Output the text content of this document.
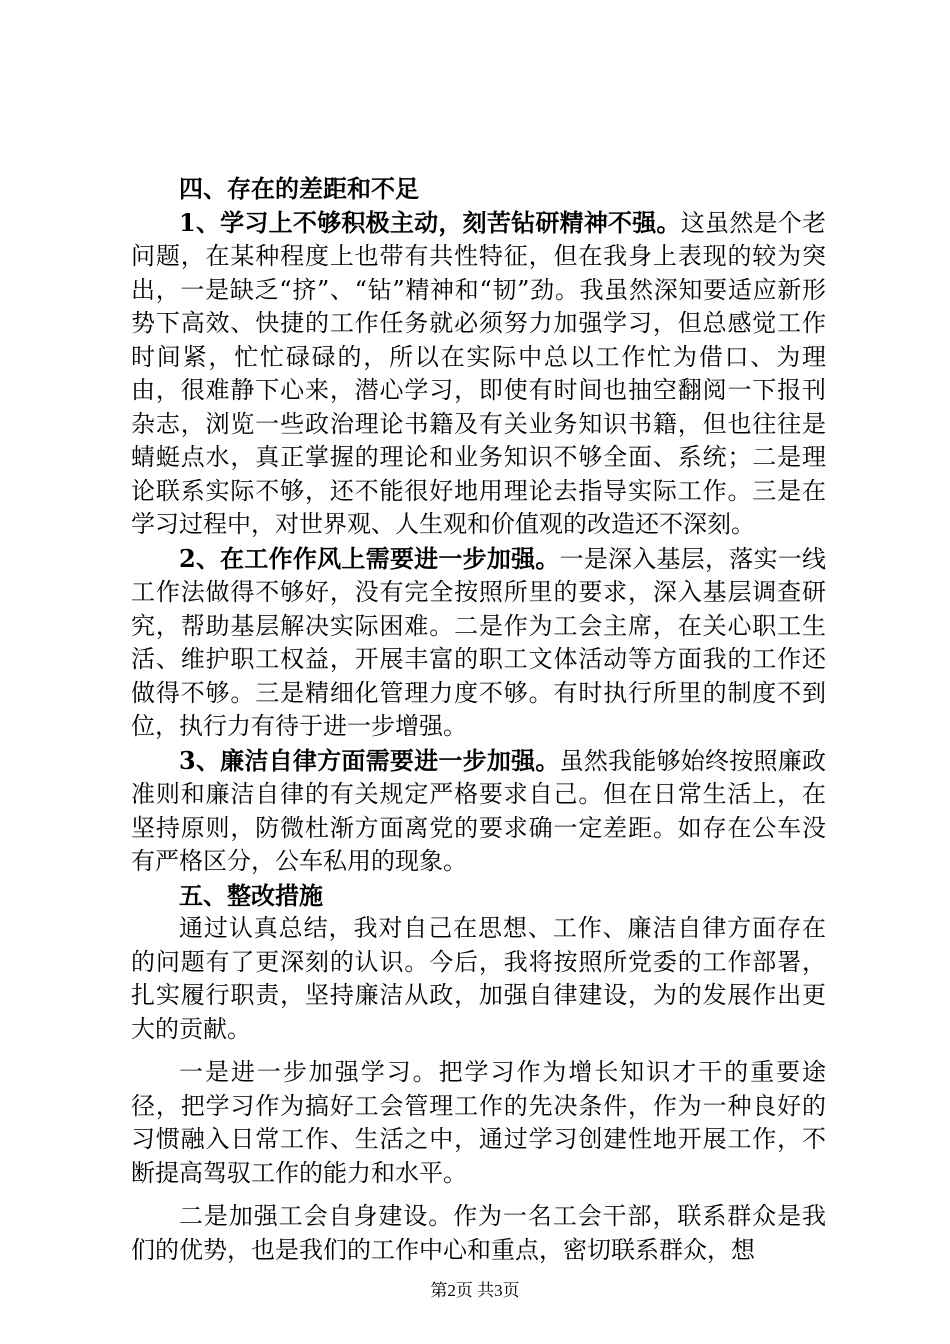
四、存在的差距和不足

1、学习上不够积极主动，刻苦钻研精神不强。这虽然是个老问题，在某种程度上也带有共性特征，但在我身上表现的较为突出，一是缺乏“挤”、“钻”精神和“韧”劲。我虽然深知要适应新形势下高效、快捷的工作任务就必须努力加强学习，但总感觉工作时间紧，忙忙碌碌的，所以在实际中总以工作忙为借口、为理由，很难静下心来，潜心学习，即使有时间也抽空翻阅一下报刊杂志，浏览一些政治理论书籍及有关业务知识书籍，但也往往是蜻蜓点水，真正掌握的理论和业务知识不够全面、系统；二是理论联系实际不够，还不能很好地用理论去指导实际工作。三是在学习过程中，对世界观、人生观和价值观的改造还不深刻。

2、在工作作风上需要进一步加强。一是深入基层，落实一线工作法做得不够好，没有完全按照所里的要求，深入基层调查研究，帮助基层解决实际困难。二是作为工会主席，在关心职工生活、维护职工权益，开展丰富的职工文体活动等方面我的工作还做得不够。三是精细化管理力度不够。有时执行所里的制度不到位，执行力有待于进一步增强。

3、廉洁自律方面需要进一步加强。虽然我能够始终按照廉政准则和廉洁自律的有关规定严格要求自己。但在日常生活上，在坚持原则，防微杜渐方面离党的要求确一定差距。如存在公车没有严格区分，公车私用的现象。

五、整改措施

通过认真总结，我对自己在思想、工作、廉洁自律方面存在的问题有了更深刻的认识。今后，我将按照所党委的工作部署，扎实履行职责，坚持廉洁从政，加强自律建设，为的发展作出更大的贡献。

一是进一步加强学习。把学习作为增长知识才干的重要途径，把学习作为搞好工会管理工作的先决条件，作为一种良好的习惯融入日常工作、生活之中，通过学习创建性地开展工作，不断提高驾驭工作的能力和水平。

二是加强工会自身建设。作为一名工会干部，联系群众是我们的优势，也是我们的工作中心和重点，密切联系群众，想

第2页 共3页
